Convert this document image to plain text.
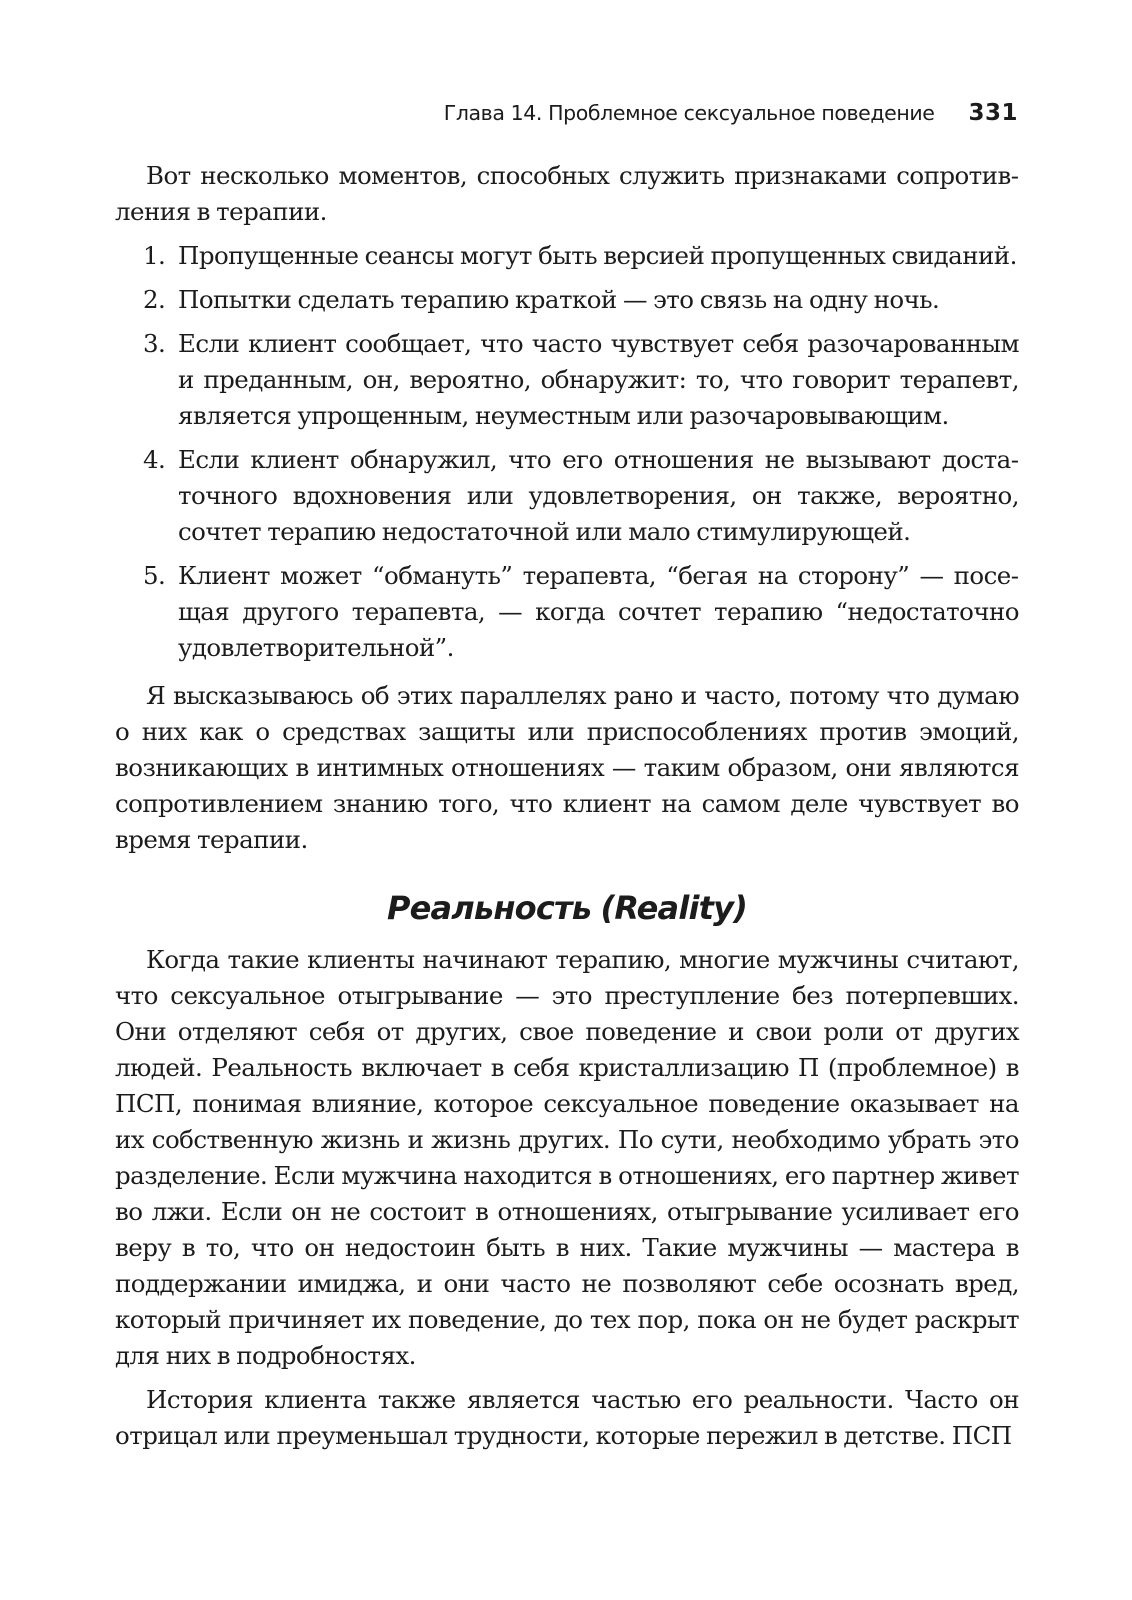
Глава 14. Проблемное сексуальное поведение 331

Вот несколько моментов, способных служить признаками сопротивления в терапии.

1. Пропущенные сеансы могут быть версией пропущенных свиданий.
2. Попытки сделать терапию краткой — это связь на одну ночь.
3. Если клиент сообщает, что часто чувствует себя разочарованным и преданным, он, вероятно, обнаружит: то, что говорит терапевт, является упрощенным, неуместным или разочаровывающим.
4. Если клиент обнаружил, что его отношения не вызывают достаточного вдохновения или удовлетворения, он также, вероятно, сочтет терапию недостаточной или мало стимулирующей.
5. Клиент может “обмануть” терапевта, “бегая на сторону” — посещая другого терапевта, — когда сочтет терапию “недостаточно удовлетворительной”.

Я высказываюсь об этих параллелях рано и часто, потому что думаю о них как о средствах защиты или приспособлениях против эмоций, возникающих в интимных отношениях — таким образом, они являются сопротивлением знанию того, что клиент на самом деле чувствует во время терапии.

Реальность (Reality)

Когда такие клиенты начинают терапию, многие мужчины считают, что сексуальное отыгрывание — это преступление без потерпевших. Они отделяют себя от других, свое поведение и свои роли от других людей. Реальность включает в себя кристаллизацию П (проблемное) в ПСП, понимая влияние, которое сексуальное поведение оказывает на их собственную жизнь и жизнь других. По сути, необходимо убрать это разделение. Если мужчина находится в отношениях, его партнер живет во лжи. Если он не состоит в отношениях, отыгрывание усиливает его веру в то, что он недостоин быть в них. Такие мужчины — мастера в поддержании имиджа, и они часто не позволяют себе осознать вред, который причиняет их поведение, до тех пор, пока он не будет раскрыт для них в подробностях.

История клиента также является частью его реальности. Часто он отрицал или преуменьшал трудности, которые пережил в детстве. ПСП
